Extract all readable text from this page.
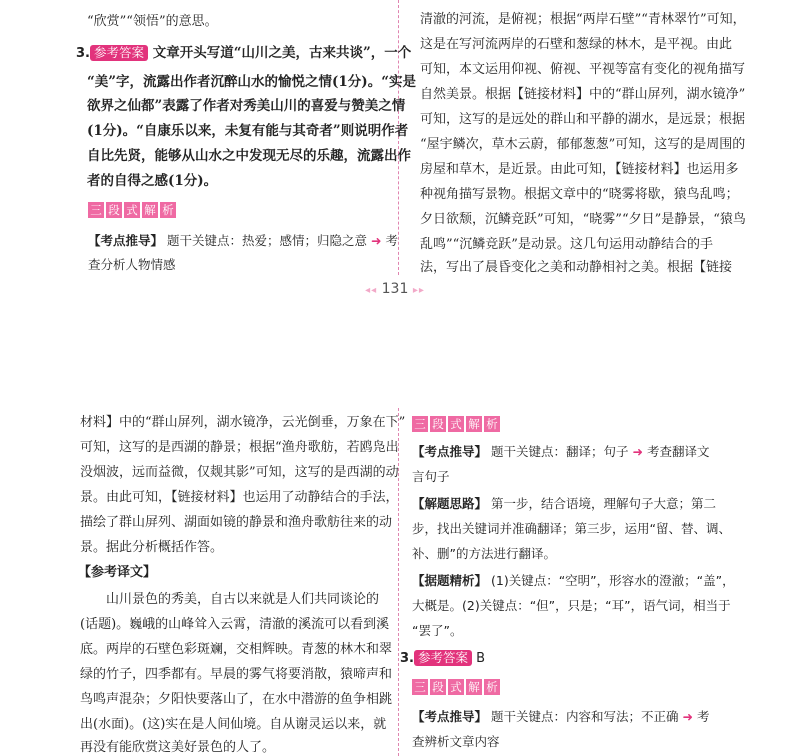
“欣赏”“领悟”的意思。
3. 参考答案 文章开头写道“山川之美，古来共谈”，一个
“美”字，流露出作者沉醉山水的愉悦之情(1分)。“实是
欲界之仙都”表露了作者对秀美山川的喜爱与赞美之情
(1分)。“自康乐以来，未复有能与其奇者”则说明作者
自比先贤，能够从山水之中发现无尽的乐趣，流露出作
者的自得之感(1分)。
三 段 式 解 析
【考点推导】 题干关键点：热爱；感情；归隐之意 ➜ 考
查分析人物情感
清澈的河流，是俯视；根据“两岸石壁”“青林翠竹”可知，
这是在写河流两岸的石壁和葱绿的林木，是平视。由此
可知，本文运用仰视、俯视、平视等富有变化的视角描写
自然美景。根据【链接材料】中的“群山屏列，湖水镜净”
可知，这写的是远处的群山和平静的湖水，是远景；根据
“屋宇鳞次，草木云蔚，郁郁葱葱”可知，这写的是周围的
房屋和草木，是近景。由此可知，【链接材料】也运用多
种视角描写景物。根据文章中的“晓雾将歇，猿鸟乱鸣；
夕日欲颓，沉鳞竞跃”可知，“晓雾”“夕日”是静景，“猿鸟
乱鸣”“沉鳞竞跃”是动景。这几句运用动静结合的手
法，写出了晨昏变化之美和动静相衬之美。根据【链接
◂◂ 131 ▸▸
材料】中的“群山屏列，湖水镜净，云光倒垂，万象在下”
可知，这写的是西湖的静景；根据“渔舟歌舫，若鸥凫出
没烟波，远而益微，仅觌其影”可知，这写的是西湖的动
景。由此可知，【链接材料】也运用了动静结合的手法，
描绘了群山屏列、湖面如镜的静景和渔舟歌舫往来的动
景。据此分析概括作答。
【参考译文】
山川景色的秀美，自古以来就是人们共同谈论的
(话题)。巍峨的山峰耸入云霄，清澈的溪流可以看到溪
底。两岸的石壁色彩斑斓，交相辉映。青葱的林木和翠
绿的竹子，四季都有。早晨的雾气将要消散，猿啼声和
鸟鸣声混杂；夕阳快要落山了，在水中潜游的鱼争相跳
出(水面)。(这)实在是人间仙境。自从谢灵运以来，就
再没有能欣赏这美好景色的人了。
三 段 式 解 析
【考点推导】 题干关键点：翻译；句子 ➜ 考查翻译文
言句子
【解题思路】 第一步，结合语境，理解句子大意；第二
步，找出关键词并准确翻译；第三步，运用“留、替、调、
补、删”的方法进行翻译。
【据题精析】 (1)关键点：“空明”，形容水的澄澈；“盖”，
大概是。(2)关键点：“但”，只是；“耳”，语气词，相当于
“罢了”。
3. 参考答案 B
三 段 式 解 析
【考点推导】 题干关键点：内容和写法；不正确 ➜ 考
查辨析文章内容
